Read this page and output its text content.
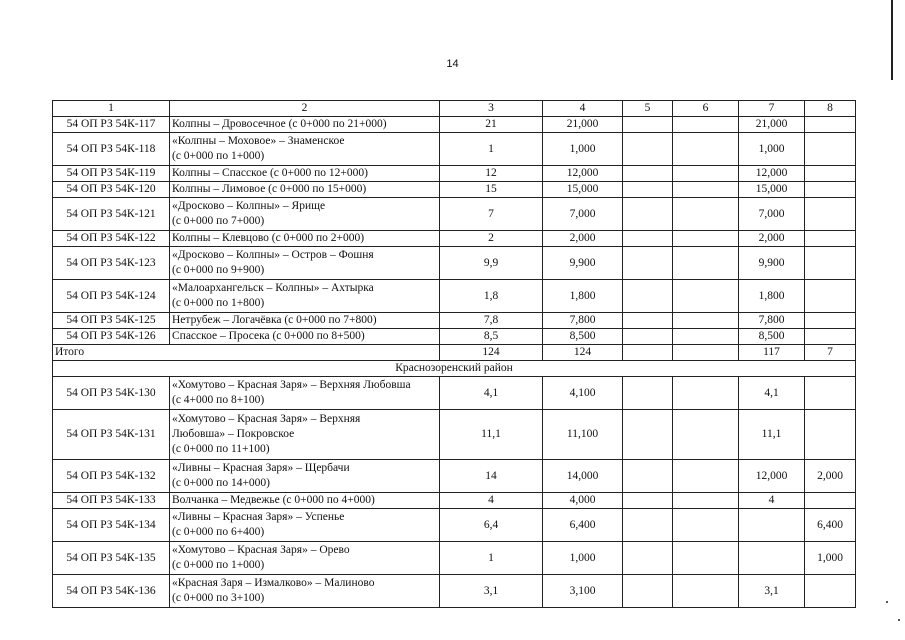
14
1	2	3	4	5	6	7	8
54 ОП РЗ 54К-117	Колпны – Дровосечное (с 0+000 по 21+000)	21	21,000			21,000	
54 ОП РЗ 54К-118	«Колпны – Моховое» – Знаменское
(с 0+000 по 1+000)	1	1,000			1,000	
54 ОП РЗ 54К-119	Колпны – Спасское (с 0+000 по 12+000)	12	12,000			12,000	
54 ОП РЗ 54К-120	Колпны – Лимовое (с 0+000 по 15+000)	15	15,000			15,000	
54 ОП РЗ 54К-121	«Дросково – Колпны» – Ярище
(с 0+000 по 7+000)	7	7,000			7,000	
54 ОП РЗ 54К-122	Колпны – Клевцово (с 0+000 по 2+000)	2	2,000			2,000	
54 ОП РЗ 54К-123	«Дросково – Колпны» – Остров – Фошня
(с 0+000 по 9+900)	9,9	9,900			9,900	
54 ОП РЗ 54К-124	«Малоархангельск – Колпны» – Ахтырка
(с 0+000 по 1+800)	1,8	1,800			1,800	
54 ОП РЗ 54К-125	Нетрубеж – Логачёвка (с 0+000 по 7+800)	7,8	7,800			7,800	
54 ОП РЗ 54К-126	Спасское – Просека (с 0+000 по 8+500)	8,5	8,500			8,500	
Итого		124	124			117	7
Краснозоренский район							
54 ОП РЗ 54К-130	«Хомутово – Красная Заря» – Верхняя Любовша
(с 4+000 по 8+100)	4,1	4,100			4,1	
54 ОП РЗ 54К-131	«Хомутово – Красная Заря» – Верхняя
Любовша» – Покровское
(с 0+000 по 11+100)	11,1	11,100			11,1	
54 ОП РЗ 54К-132	«Ливны – Красная Заря» – Щербачи
(с 0+000 по 14+000)	14	14,000			12,000	2,000
54 ОП РЗ 54К-133	Волчанка – Медвежье (с 0+000 по 4+000)	4	4,000			4	
54 ОП РЗ 54К-134	«Ливны – Красная Заря» – Успенье
(с 0+000 по 6+400)	6,4	6,400				6,400
54 ОП РЗ 54К-135	«Хомутово – Красная Заря» – Орево
(с 0+000 по 1+000)	1	1,000				1,000
54 ОП РЗ 54К-136	«Красная Заря – Измалково» – Малиново
(с 0+000 по 3+100)	3,1	3,100			3,1	
